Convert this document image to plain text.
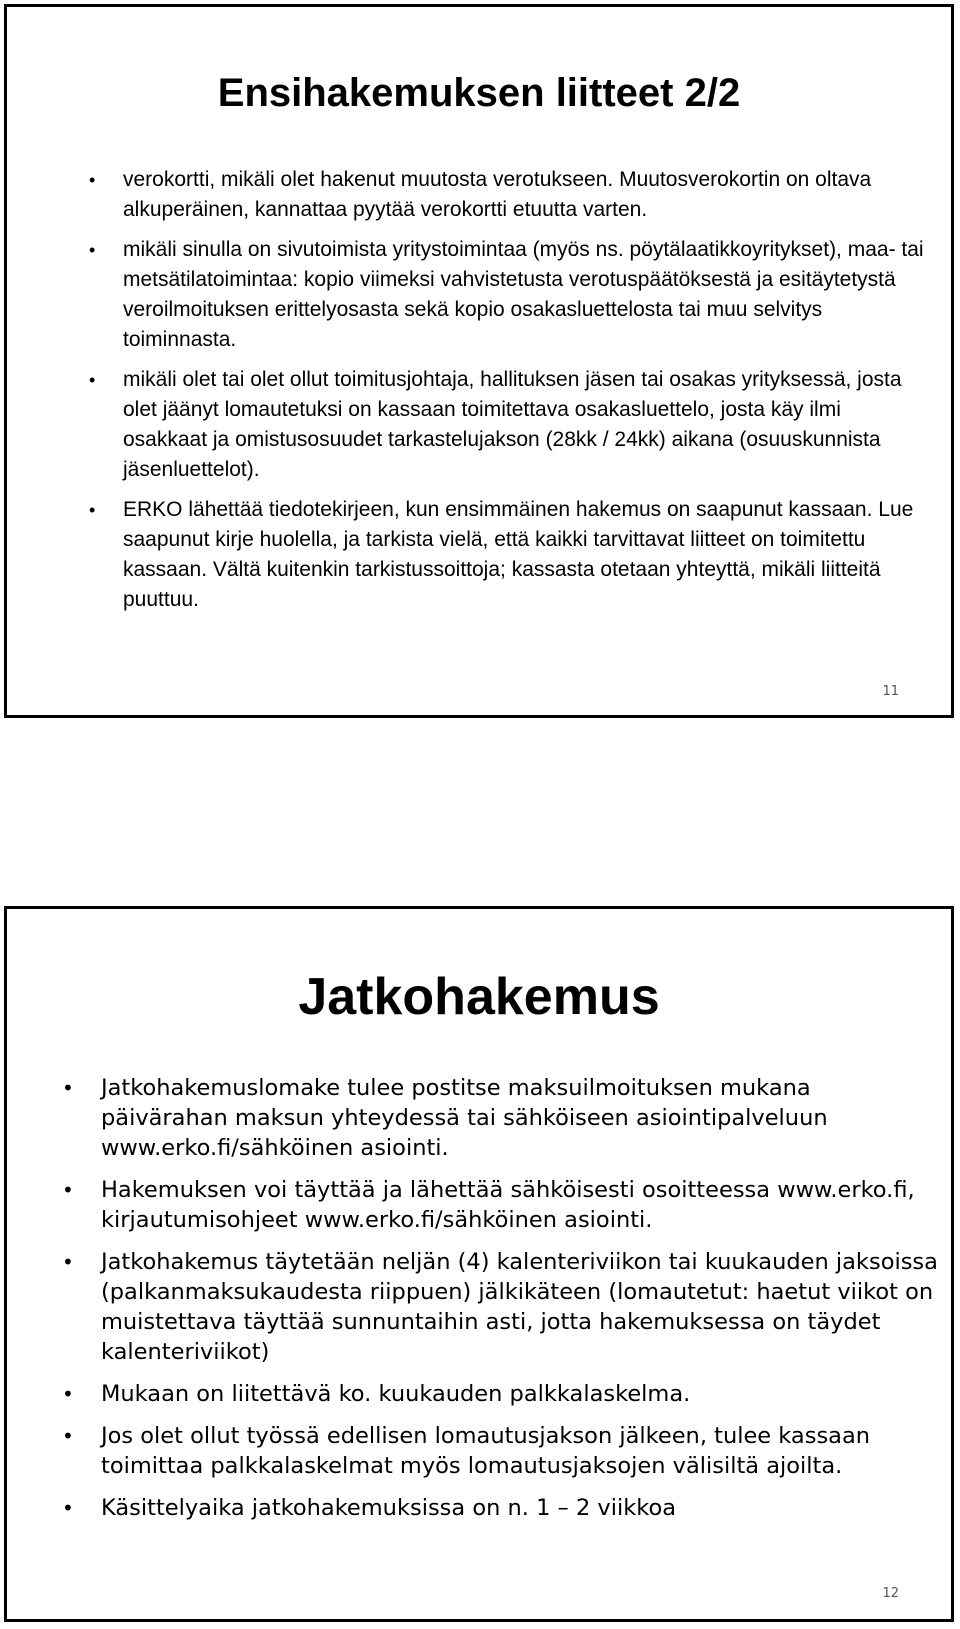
Ensihakemuksen liitteet 2/2
• verokortti, mikäli olet hakenut muutosta verotukseen. Muutosverokortin on oltava alkuperäinen, kannattaa pyytää verokortti etuutta varten.
• mikäli sinulla on sivutoimista yritystoimintaa (myös ns. pöytälaatikkoyritykset), maa- tai metsätilatoimintaa: kopio viimeksi vahvistetusta verotuspäätöksestä ja esitäytetystä veroilmoituksen erittelyosasta sekä kopio osakasluettelosta tai muu selvitys toiminnasta.
• mikäli olet tai olet ollut toimitusjohtaja, hallituksen jäsen tai osakas yrityksessä, josta olet jäänyt lomautetuksi on kassaan toimitettava osakasluettelo, josta käy ilmi osakkaat ja omistusosuudet tarkastelujakson (28kk / 24kk) aikana (osuuskunnista jäsenluettelot).
• ERKO lähettää tiedotekirjeen, kun ensimmäinen hakemus on saapunut kassaan. Lue saapunut kirje huolella, ja tarkista vielä, että kaikki tarvittavat liitteet on toimitettu kassaan. Vältä kuitenkin tarkistussoittoja; kassasta otetaan yhteyttä, mikäli liitteitä puuttuu.
11
Jatkohakemus
• Jatkohakemuslomake tulee postitse maksuilmoituksen mukana päivärahan maksun yhteydessä tai sähköiseen asiointipalveluun www.erko.fi/sähköinen asiointi.
• Hakemuksen voi täyttää ja lähettää sähköisesti osoitteessa www.erko.fi, kirjautumisohjeet www.erko.fi/sähköinen asiointi.
• Jatkohakemus täytetään neljän (4) kalenteriviikon tai kuukauden jaksoissa (palkanmaksukaudesta riippuen) jälkikäteen (lomautetut: haetut viikot on muistettava täyttää sunnuntaihin asti, jotta hakemuksessa on täydet kalenteriviikot)
• Mukaan on liitettävä ko. kuukauden palkkalaskelma.
• Jos olet ollut työssä edellisen lomautusjakson jälkeen, tulee kassaan toimittaa palkkalaskelmat myös lomautusjaksojen välisiltä ajoilta.
• Käsittelyaika jatkohakemuksissa on n. 1 – 2 viikkoa
12
